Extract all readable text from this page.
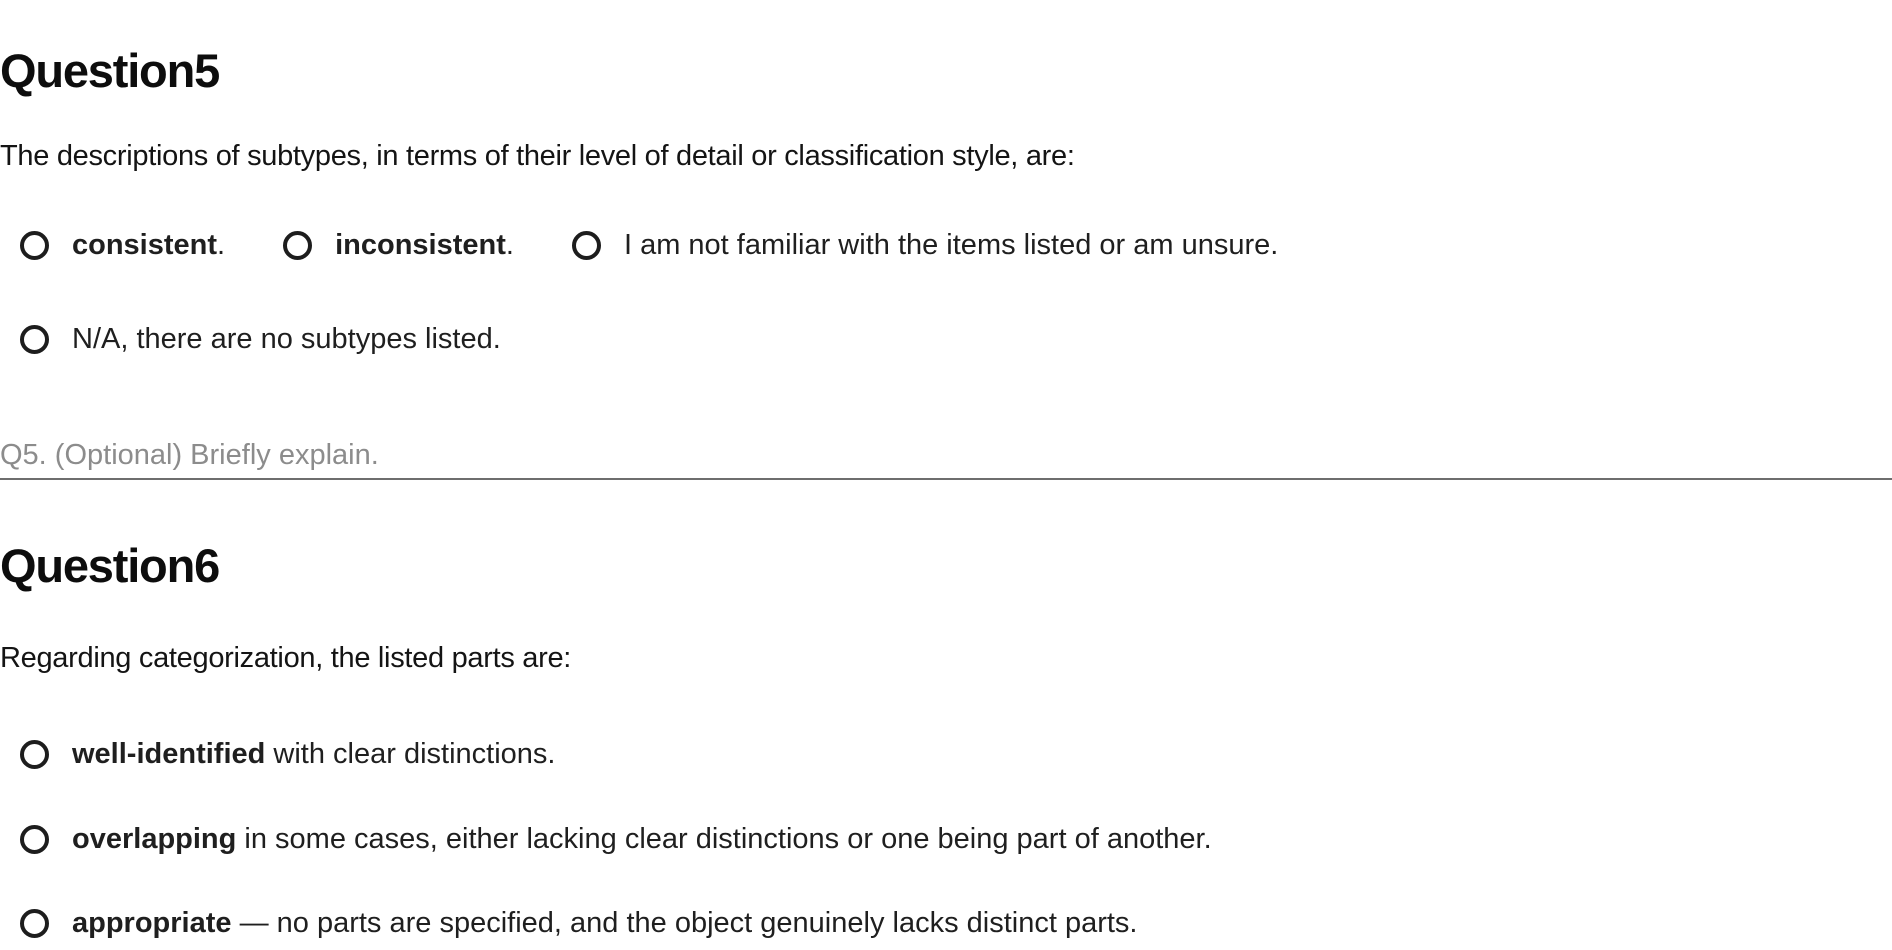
Question5

The descriptions of subtypes, in terms of their level of detail or classification style, are:

consistent.	inconsistent.	I am not familiar with the items listed or am unsure.
N/A, there are no subtypes listed.
Q5. (Optional) Briefly explain.
Question6

Regarding categorization, the listed parts are:

well-identified with clear distinctions.
overlapping in some cases, either lacking clear distinctions or one being part of another.
appropriate — no parts are specified, and the object genuinely lacks distinct parts.
